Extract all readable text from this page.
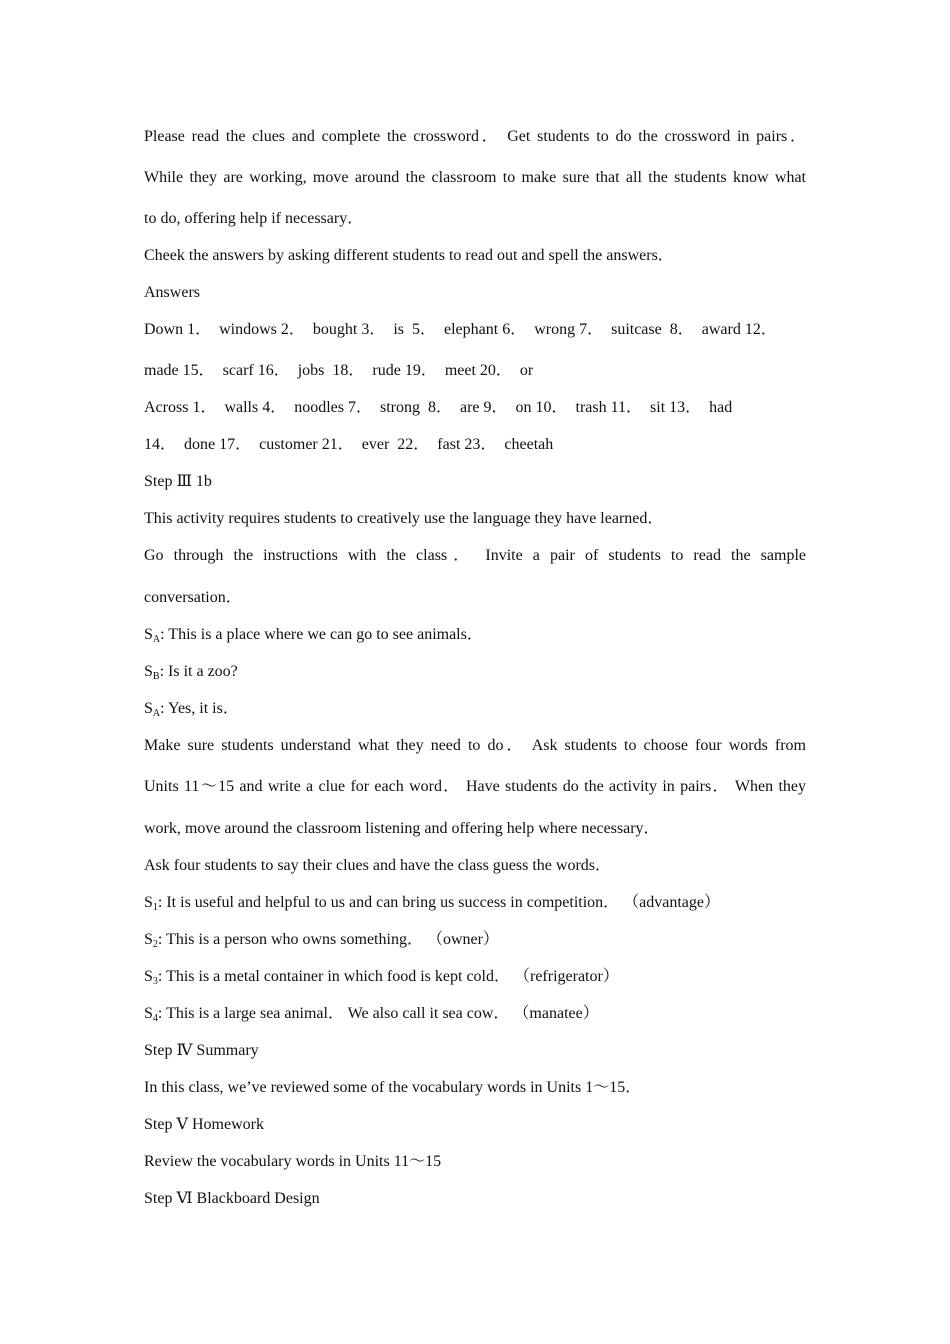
Please read the clues and complete the crossword． Get students to do the crossword in pairs．
While they are working, move around the classroom to make sure that all the students know what
to do, offering help if necessary．
Cheek the answers by asking different students to read out and spell the answers．
Answers
Down 1．  windows 2．  bought 3．  is  5．  elephant 6．  wrong 7．  suitcase  8．  award 12．
made 15．  scarf 16．  jobs  18．  rude 19．  meet 20．  or
Across 1．  walls 4．  noodles 7．  strong  8．  are 9．  on 10．  trash 11．  sit 13．  had
14．  done 17．  customer 21．  ever  22．  fast 23．  cheetah
Step Ⅲ 1b
This activity requires students to creatively use the language they have learned．
Go through the instructions with the class． Invite a pair of students to read the sample
conversation．
$S_A$: This is a place where we can go to see animals．
$S_B$: Is it a zoo?
$S_A$: Yes, it is．
Make sure students understand what they need to do． Ask students to choose four words from
Units 11～15 and write a clue for each word． Have students do the activity in pairs． When they
work, move around the classroom listening and offering help where necessary．
Ask four students to say their clues and have the class guess the words．
$S_1$: It is useful and helpful to us and can bring us success in competition． （advantage）
$S_2$: This is a person who owns something． （owner）
$S_3$: This is a metal container in which food is kept cold． （refrigerator）
$S_4$: This is a large sea animal． We also call it sea cow． （manatee）
Step Ⅳ Summary
In this class, we’ve reviewed some of the vocabulary words in Units 1～15．
Step Ⅴ Homework
Review the vocabulary words in Units 11～15
Step Ⅵ Blackboard Design
